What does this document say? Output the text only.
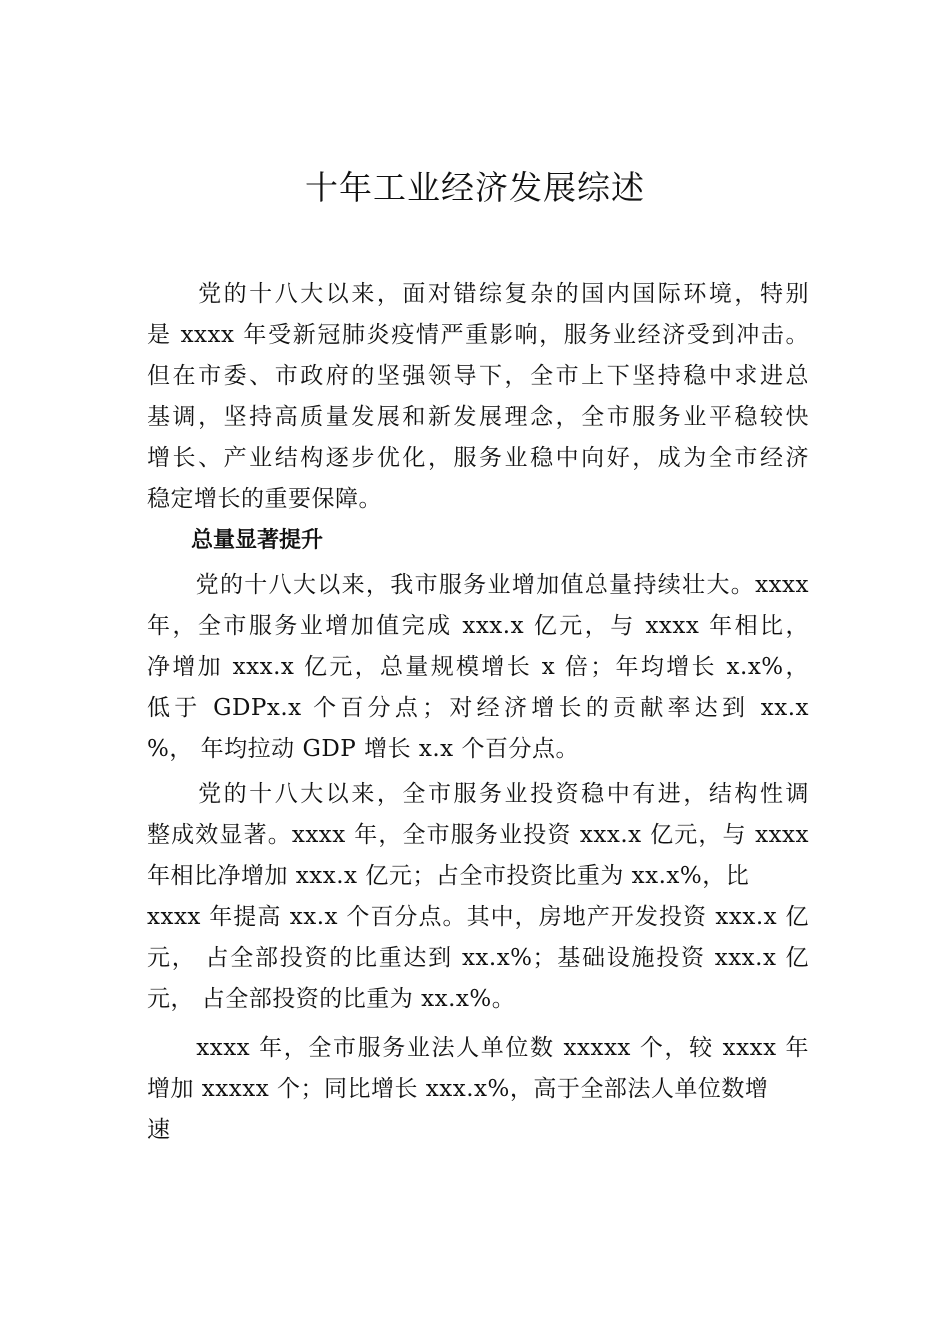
十年工业经济发展综述
　　党的十八大以来，面对错综复杂的国内国际环境，特别
是 xxxx 年受新冠肺炎疫情严重影响，服务业经济受到冲击。
但在市委、市政府的坚强领导下，全市上下坚持稳中求进总
基调，坚持高质量发展和新发展理念，全市服务业平稳较快
增长、产业结构逐步优化，服务业稳中向好，成为全市经济
稳定增长的重要保障。
　　总量显著提升
　　党的十八大以来，我市服务业增加值总量持续壮大。xxxx
年，全市服务业增加值完成 xxx.x 亿元，与 xxxx 年相比，
净增加 xxx.x 亿元，总量规模增长 x 倍；年均增长 x.x%，
低于 GDPx.x 个百分点；对经济增长的贡献率达到 xx.x
%， 年均拉动 GDP 增长 x.x 个百分点。
　　党的十八大以来，全市服务业投资稳中有进，结构性调
整成效显著。xxxx 年，全市服务业投资 xxx.x 亿元，与 xxxx
年相比净增加 xxx.x 亿元；占全市投资比重为 xx.x%，比
xxxx 年提高 xx.x 个百分点。其中，房地产开发投资 xxx.x 亿
元， 占全部投资的比重达到 xx.x%；基础设施投资 xxx.x 亿
元， 占全部投资的比重为 xx.x%。
　　xxxx 年，全市服务业法人单位数 xxxxx 个，较 xxxx 年
增加 xxxxx 个；同比增长 xxx.x%，高于全部法人单位数增
速
